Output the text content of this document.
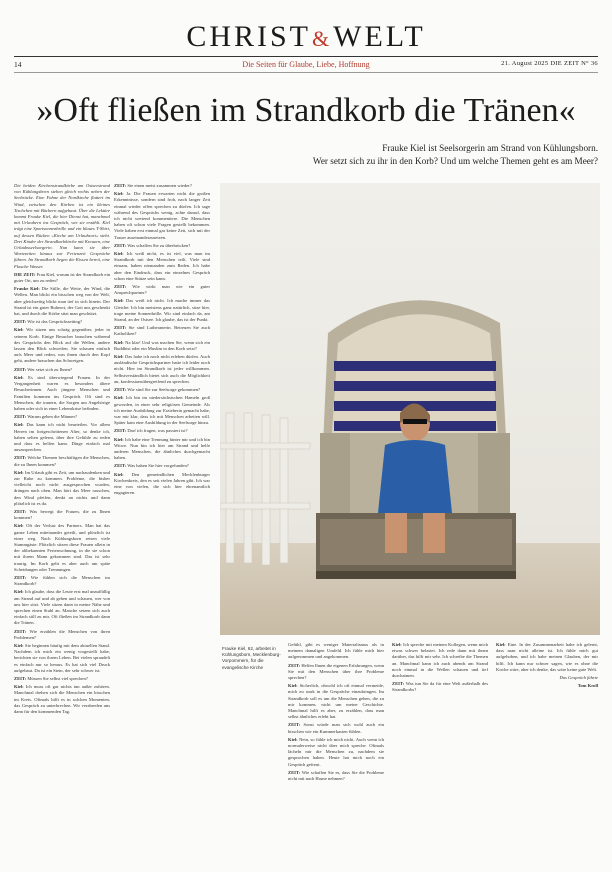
CHRIST&WELT
14	Die Seiten für Glaube, Liebe, Hoffnung	21. August 2025 DIE ZEIT N° 36
»Oft fließen im Strandkorb die Tränen«
Frauke Kiel ist Seelsorgerin am Strand von Kühlungsborn.
Wer setzt sich zu ihr in den Korb? Und um welche Themen geht es am Meer?

Die beiden Kirchenstrandkörbe am Ostseestrand von Kühlungsborn stehen gleich rechts neben der Seebrücke. Eine Fahne der Nordkirche flattert im Wind, zwischen den Körben ist ein kleines Tischchen mit Büchern aufgebaut. Über die Lektüre kommt Frauke Kiel, die hier Dienst hat, manchmal mit Urlaubern ins Gespräch, wie sie erzählt. Kiel trägt eine Sportsonnenbrille und ein blaues T-Shirt, auf dessen Rücken »Kirche am Urlaubsort« steht. Drei Kinder der Strandkorbkirche mit Kreuzen, eine Urlaubsseelsorgerin. Nun kann sie über Wartezeiten hinaus zur Ferienzeit Gespräche führen. Im Strandkorb liegen die Kissen bereit, eine Flasche Wasser.

DIE ZEIT: Frau Kiel, warum ist der Strandkorb ein guter Ort, um zu reden?

Frauke Kiel: Die Stille, die Weite, der Wind, die Wellen. Man blickt ein bisschen weg von der Welt, aber gleichzeitig blickt man tief in sich hinein. Der Strand ist ein guter Ruheort, der Gott uns geschenkt hat, und durch die Körbe sitzt man geschützt.

ZEIT: Wie ist das Gesprächssetting?

Kiel: Wir sitzen uns schräg gegenüber, jeder in seinem Korb. Einige Besucher brauchen während des Gesprächs den Blick auf die Wellen, andere lassen den Blick schweifen. Sie schauen einfach aufs Meer und reden, was ihnen durch den Kopf geht, andere brauchen das Schweigen.

ZEIT: Wer setzt sich zu Ihnen?

Kiel: Es sind überwiegend Frauen. In der Vergangenheit waren es besonders ältere Besucherinnen. Auch jüngere Menschen und Familien kommen ins Gespräch. Oft sind es Menschen, die trauern, die Sorgen um Angehörige haben oder sich in einer Lebenskrise befinden.

ZEIT: Warum gehen die Männer?

Kiel: Das kann ich nicht beurteilen. Vor allem Herren im fortgeschrittenen Alter, so denke ich, haben selten gelernt, über ihre Gefühle zu reden und dass es helfen kann. Dinge einfach mal auszusprechen.

ZEIT: Welche Themen beschäftigen die Menschen, die zu Ihnen kommen?

Kiel: Im Urlaub gibt es Zeit, um nachzudenken und zur Ruhe zu kommen. Probleme, die bisher vielleicht noch nicht ausgesprochen wurden, drängen nach oben. Man hört das Meer rauschen, den Wind pfeifen, denkt an nichts und dann plötzlich ist es da.

ZEIT: Was bewegt die Frauen, die zu Ihnen kommen?

Kiel: Oft der Verlust des Partners. Man hat das ganze Leben miteinander geteilt, und plötzlich ist einer weg. Nach Kühlungsborn reisen viele Stammgäste. Plötzlich sitzen diese Frauen allein in der altbekannten Ferienwohnung, in die sie schon mit ihrem Mann gekommen sind. Das ist sehr traurig. Im Korb geht es aber auch um späte Scheidungen oder Trennungen.

ZEIT: Wie fühlen sich die Menschen im Strandkorb?

Kiel: Ich glaube, dass die Leute erst mal unauffällig am Strand auf und ab gehen und schauen, wer von uns hier sitzt. Viele sitzen dann in meine Nähe und sprechen einen Stuhl an. Manche setzen sich auch einfach still zu mir. Oft fließen im Strandkorb dann die Tränen.

ZEIT: Wie erzählen die Menschen von ihren Problemen?

Kiel: Sie beginnen häufig mit dem aktuellen Stand. Nachdem ich mich ein wenig vorgestellt habe, berichten sie von ihrem Leben. Bei vielen spraudelt es einfach nur so heraus. Es hat sich viel Druck aufgebaut. Da ist ein Stein, der sehr schwer ist.

ZEIT: Müssen Sie selbst viel sprechen?

Kiel: Ich muss oft gar nichts tun außer zuhören. Manchmal drehen sich die Menschen ein bisschen im Kreis. Oftmals hilft es in solchen Momenten, das Gespräch zu unterbrechen. Wir verabreden uns dann für den kommenden Tag.

ZEIT: Sie einen meist zusammen wieder?

Kiel: Ja. Die Frauen erwarten nicht die großen Erkenntnisse, sondern sind froh, nach langer Zeit einmal wieder offen sprechen zu dürfen. Ich sage während des Gesprächs wenig, achte darauf, dass ich nicht wertend kommentiere. Die Menschen haben oft schon viele Fragen gestellt bekommen. Viele haben erst einmal gar keine Zeit, sich mit der Trauer auseinanderzusetzen.

ZEIT: Was schaffen Sie zu überbrücken?

Kiel: Ich weiß nicht, es ist viel, was man im Strandkorb mit den Menschen teilt. Viele sind einsam, haben niemanden zum Reden. Ich habe aber den Eindruck, dass ein einzelnes Gespräch schon eine Stütze sein kann.

ZEIT: Wie wirkt man wie ein guter Ansprechpartner?

Kiel: Das weiß ich nicht. Ich mache immer das Gleiche: Ich bin meistens ganz natürlich, sitze hier, trage meine Sonnenbrille. Wir sind einfach da, am Strand, an der Ostsee. Ich glaube, das ist der Punkt.

ZEIT: Sie sind Lutheranerin. Betreuen Sie auch Katholiken?

Kiel: Na klar! Und was machen Sie, wenn sich ein Buddhist oder ein Muslim in den Korb setzt?

Kiel: Das habe ich noch nicht erleben dürfen. Auch ausländische Gesprächspartner hatte ich leider noch nicht. Hier im Strandkorb ist jeder willkommen. Selbstverständlich bietet sich auch die Möglichkeit an, konfessionsübergreifend zu sprechen.

ZEIT: Wie sind Sie zur Seelsorge gekommen?

Kiel: Ich bin im niedersächsischen Hameln groß geworden, in einer sehr religiösen Gemeinde. Als ich meine Ausbildung zur Erzieherin gemacht habe, war mir klar, dass ich mit Menschen arbeiten will. Später kam eine Ausbildung in der Seelsorge hinzu.

ZEIT: Darf ich fragen, was passiert ist?

Kiel: Ich habe eine Trennung hinter mir und ich bin Witwe. Nun bin ich hier am Strand und helfe anderen Menschen, die ähnliches durchgemacht haben.

ZEIT: Was haben Sie hier vorgefunden?

Kiel: Den gemeindlichen Mecklenburger Kirchenkreis, den es seit vielen Jahren gibt. Ich war eine von vielen, die sich hier ehrenamtlich engagieren.

Frauke Kiel, 62, arbeitet in Kühlungsborn, Mecklenburg-Vorpommern, für die evangelische Kirche

Gefühl, gibt es weniger Materialismus als in meinem damaligen Umfeld. Ich fühle mich hier aufgenommen und angekommen.

ZEIT: Helfen Ihnen die eigenen Erfahrungen, wenn Sie mit den Menschen über ihre Probleme sprechen?

Kiel: Sicherlich, obwohl ich oft einmal vermeide, mich zu stark in die Gespräche einzubringen. Im Strandkorb soll es um die Menschen gehen, die zu mir kommen, nicht um meine Geschichte. Manchmal hilft es aber, zu erzählen, dass man selbst ähnliches erlebt hat.

ZEIT: Sonst würde man sich wohl auch ein bisschen wie ein Kummerkasten fühlen.

Kiel: Nein, so fühle ich mich nicht. Auch wenn ich normalerweise nicht über mich spreche. Oftmals lächeln mir die Menschen zu, nachdem sie gesprochen haben. Heute hat mich noch ein Gespräch gefreut.

ZEIT: Wie schaffen Sie es, dass Sie die Probleme nicht mit nach Hause nehmen?

Kiel: Ich spreche mit meinen Kollegen, wenn mich etwas schwer belastet. Ich rede dann mit ihnen darüber, das hilft mir sehr. Ich schreibe die Themen an. Manchmal kann ich auch abends am Strand noch einmal in die Wellen schauen und tief durchatmen.

ZEIT: Was tun Sie da für eine Welt außerhalb des Strandkorbs?

Kiel: Eine. In der Zusammenarbeit habe ich gelernt, dass man nicht alleine ist. Ich fühle mich gut aufgehoben, und ich habe meinen Glauben, der mir hilft. Ich kann nur schwer sagen, wie es ohne die Kirche wäre, aber ich denke, das wäre keine gute Welt.

Das Gespräch führte

Tom Kroll
